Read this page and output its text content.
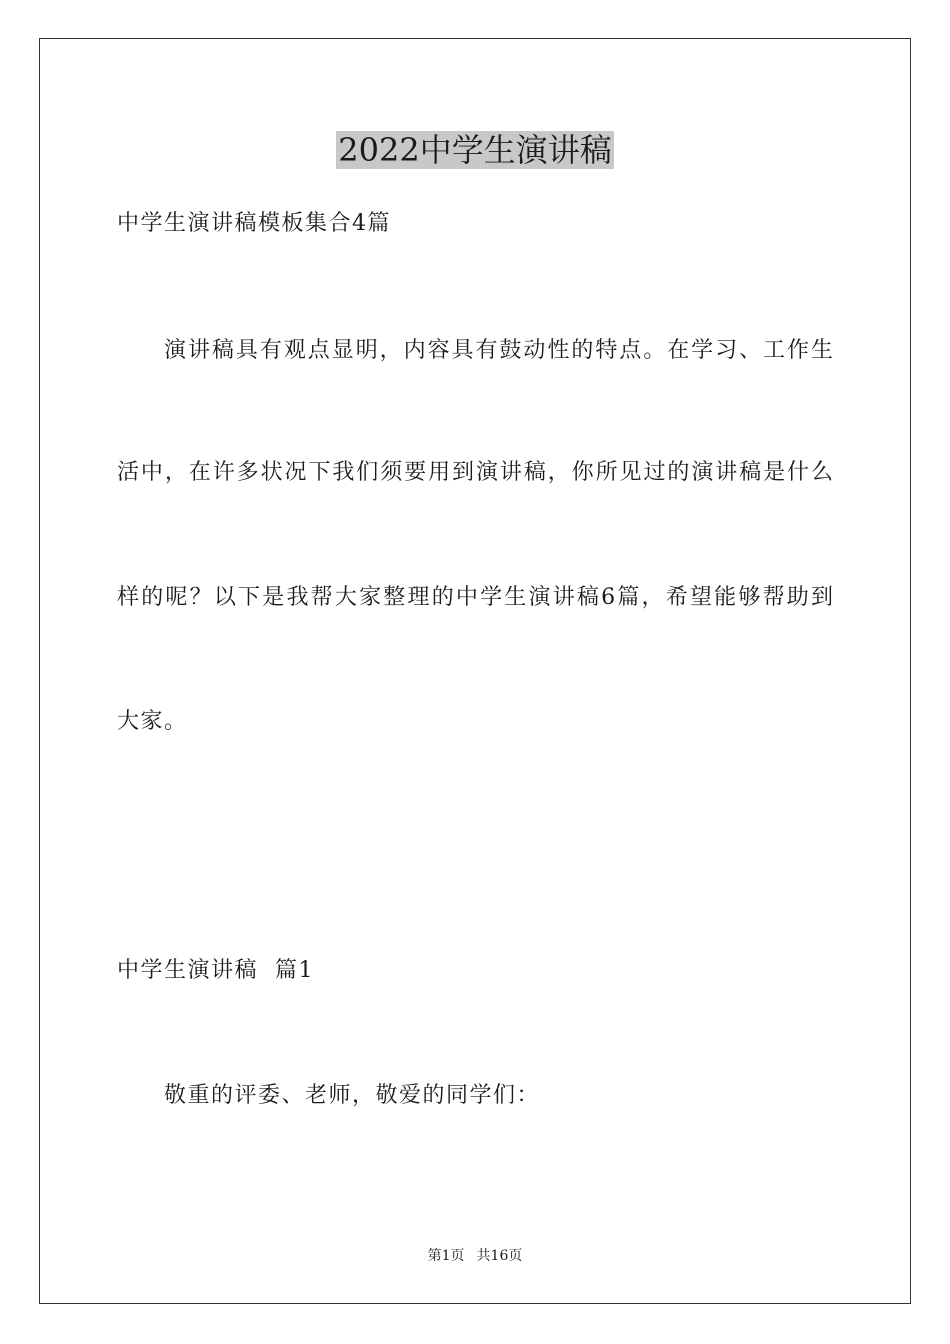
2022中学生演讲稿
中学生演讲稿模板集合4篇
演讲稿具有观点显明，内容具有鼓动性的特点。在学习、工作生
活中，在许多状况下我们须要用到演讲稿，你所见过的演讲稿是什么
样的呢？以下是我帮大家整理的中学生演讲稿6篇，希望能够帮助到
大家。
中学生演讲稿  篇1
敬重的评委、老师，敬爱的同学们：
第1页 共16页
